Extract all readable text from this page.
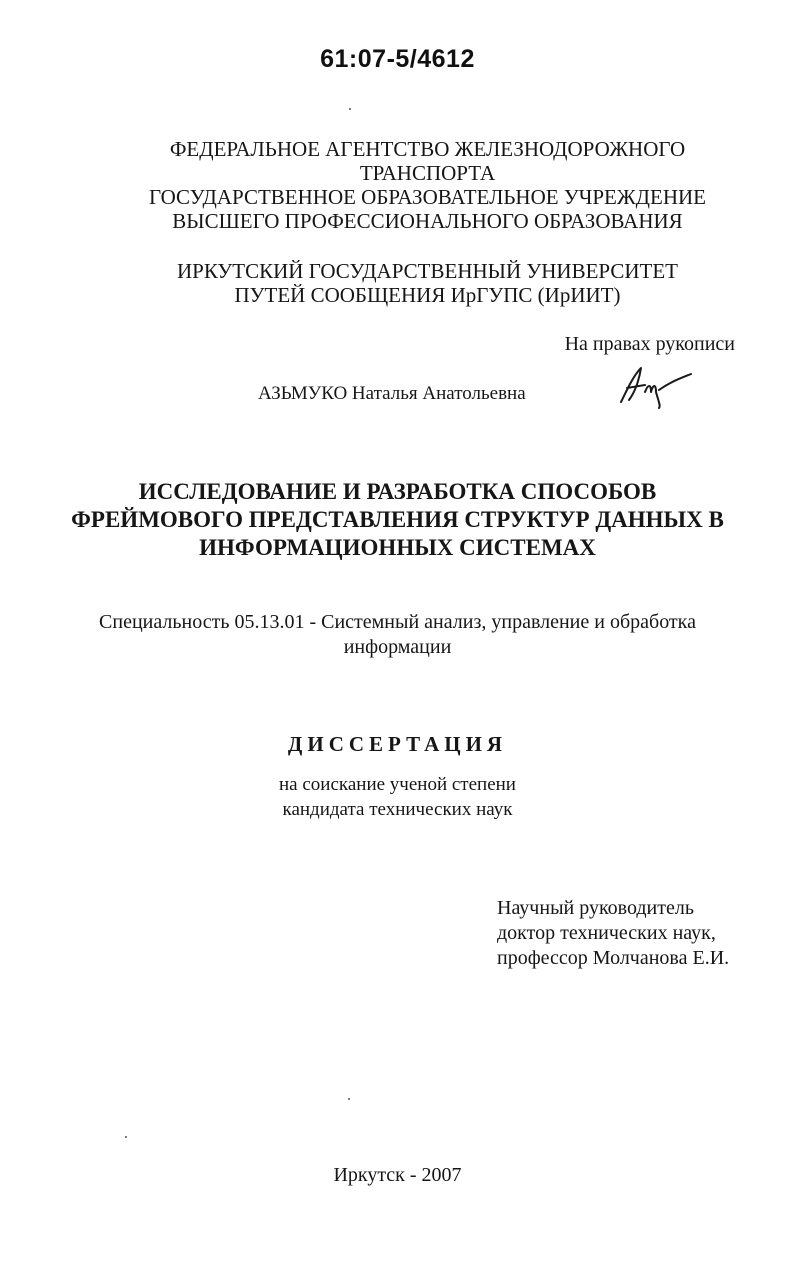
61:07-5/4612
ФЕДЕРАЛЬНОЕ АГЕНТСТВО ЖЕЛЕЗНОДОРОЖНОГО
ТРАНСПОРТА
ГОСУДАРСТВЕННОЕ ОБРАЗОВАТЕЛЬНОЕ УЧРЕЖДЕНИЕ
ВЫСШЕГО ПРОФЕССИОНАЛЬНОГО ОБРАЗОВАНИЯ
ИРКУТСКИЙ ГОСУДАРСТВЕННЫЙ УНИВЕРСИТЕТ
ПУТЕЙ СООБЩЕНИЯ ИрГУПС (ИрИИТ)
На правах рукописи
АЗЬМУКО Наталья Анатольевна
ИССЛЕДОВАНИЕ И РАЗРАБОТКА СПОСОБОВ
ФРЕЙМОВОГО ПРЕДСТАВЛЕНИЯ СТРУКТУР ДАННЫХ В
ИНФОРМАЦИОННЫХ СИСТЕМАХ
Специальность 05.13.01 - Системный анализ, управление и обработка
информации
ДИССЕРТАЦИЯ
на соискание ученой степени
кандидата технических наук
Научный руководитель
доктор технических наук,
профессор Молчанова Е.И.
Иркутск - 2007
